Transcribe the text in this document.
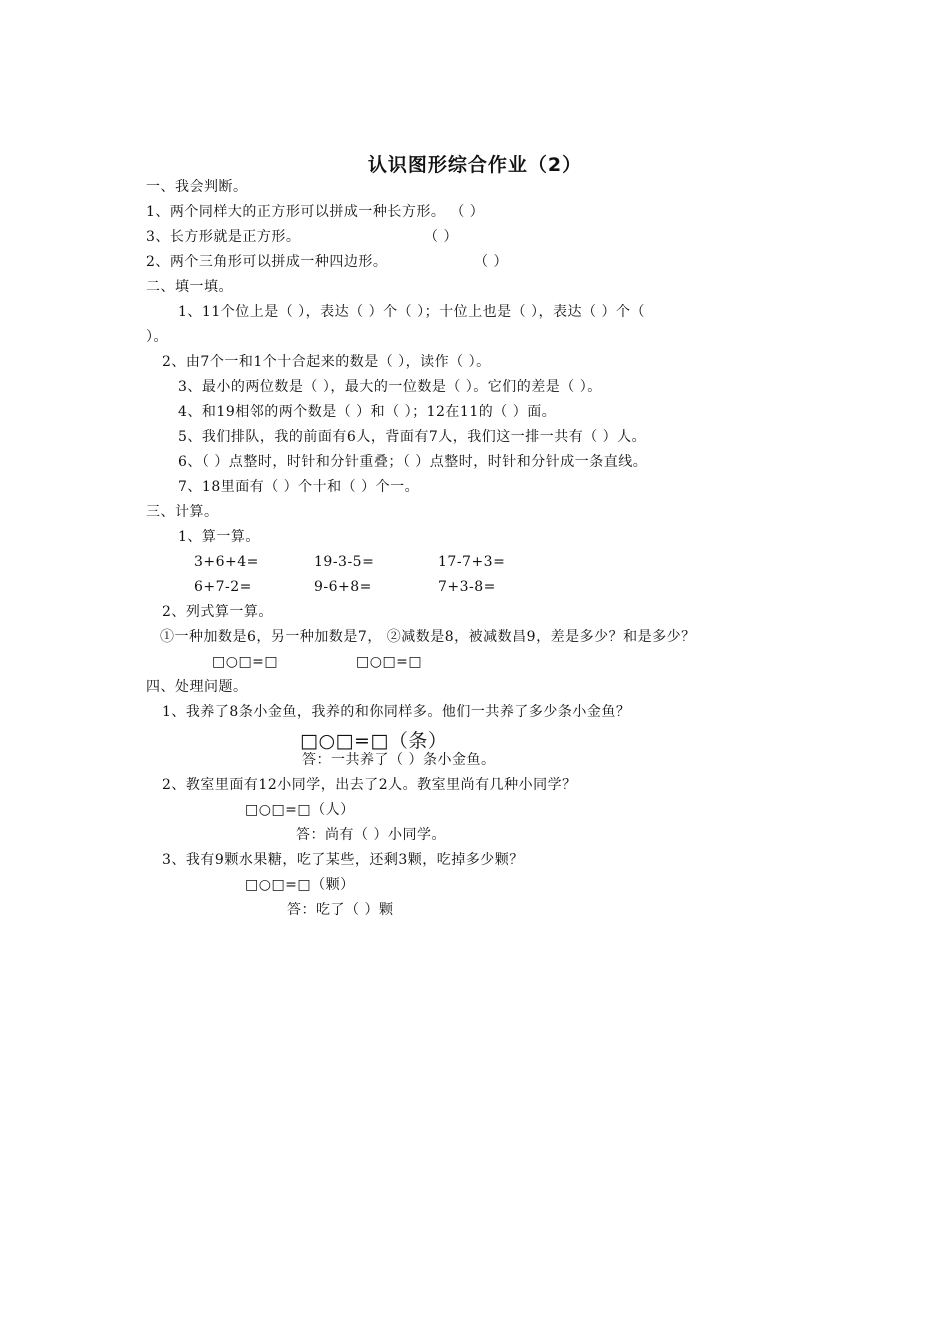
认识图形综合作业（2）
一、我会判断。
1、两个同样大的正方形可以拼成一种长方形。 （ ）
3、长方形就是正方形。	（ ）
2、两个三角形可以拼成一种四边形。	（ ）
二、填一填。
1、11个位上是（ ），表达（ ）个（ ）；十位上也是（ ），表达（ ）个（
）。
2、由7个一和1个十合起来的数是（ ），读作（ ）。
3、最小的两位数是（ ），最大的一位数是（ ）。它们的差是（ ）。
4、和19相邻的两个数是（ ）和（ ）；12在11的（ ）面。
5、我们排队，我的前面有6人，背面有7人，我们这一排一共有（ ）人。
6、（ ）点整时，时针和分针重叠；（ ）点整时，时针和分针成一条直线。
7、18里面有（ ）个十和（ ）个一。
三、计算。
1、算一算。
3+6+4=	19-3-5=	17-7+3=
6+7-2=	9-6+8=	7+3-8=
2、列式算一算。
①一种加数是6，另一种加数是7， ②减数是8，被减数昌9，差是多少？和是多少？
□○□=□	□○□=□
四、处理问题。
1、我养了8条小金鱼，我养的和你同样多。他们一共养了多少条小金鱼？
□○□=□（条）
答：一共养了（ ）条小金鱼。
2、教室里面有12小同学，出去了2人。教室里尚有几种小同学？
□○□=□（人）
答：尚有（ ）小同学。
3、我有9颗水果糖，吃了某些，还剩3颗，吃掉多少颗？
□○□=□（颗）
答：吃了（ ）颗
